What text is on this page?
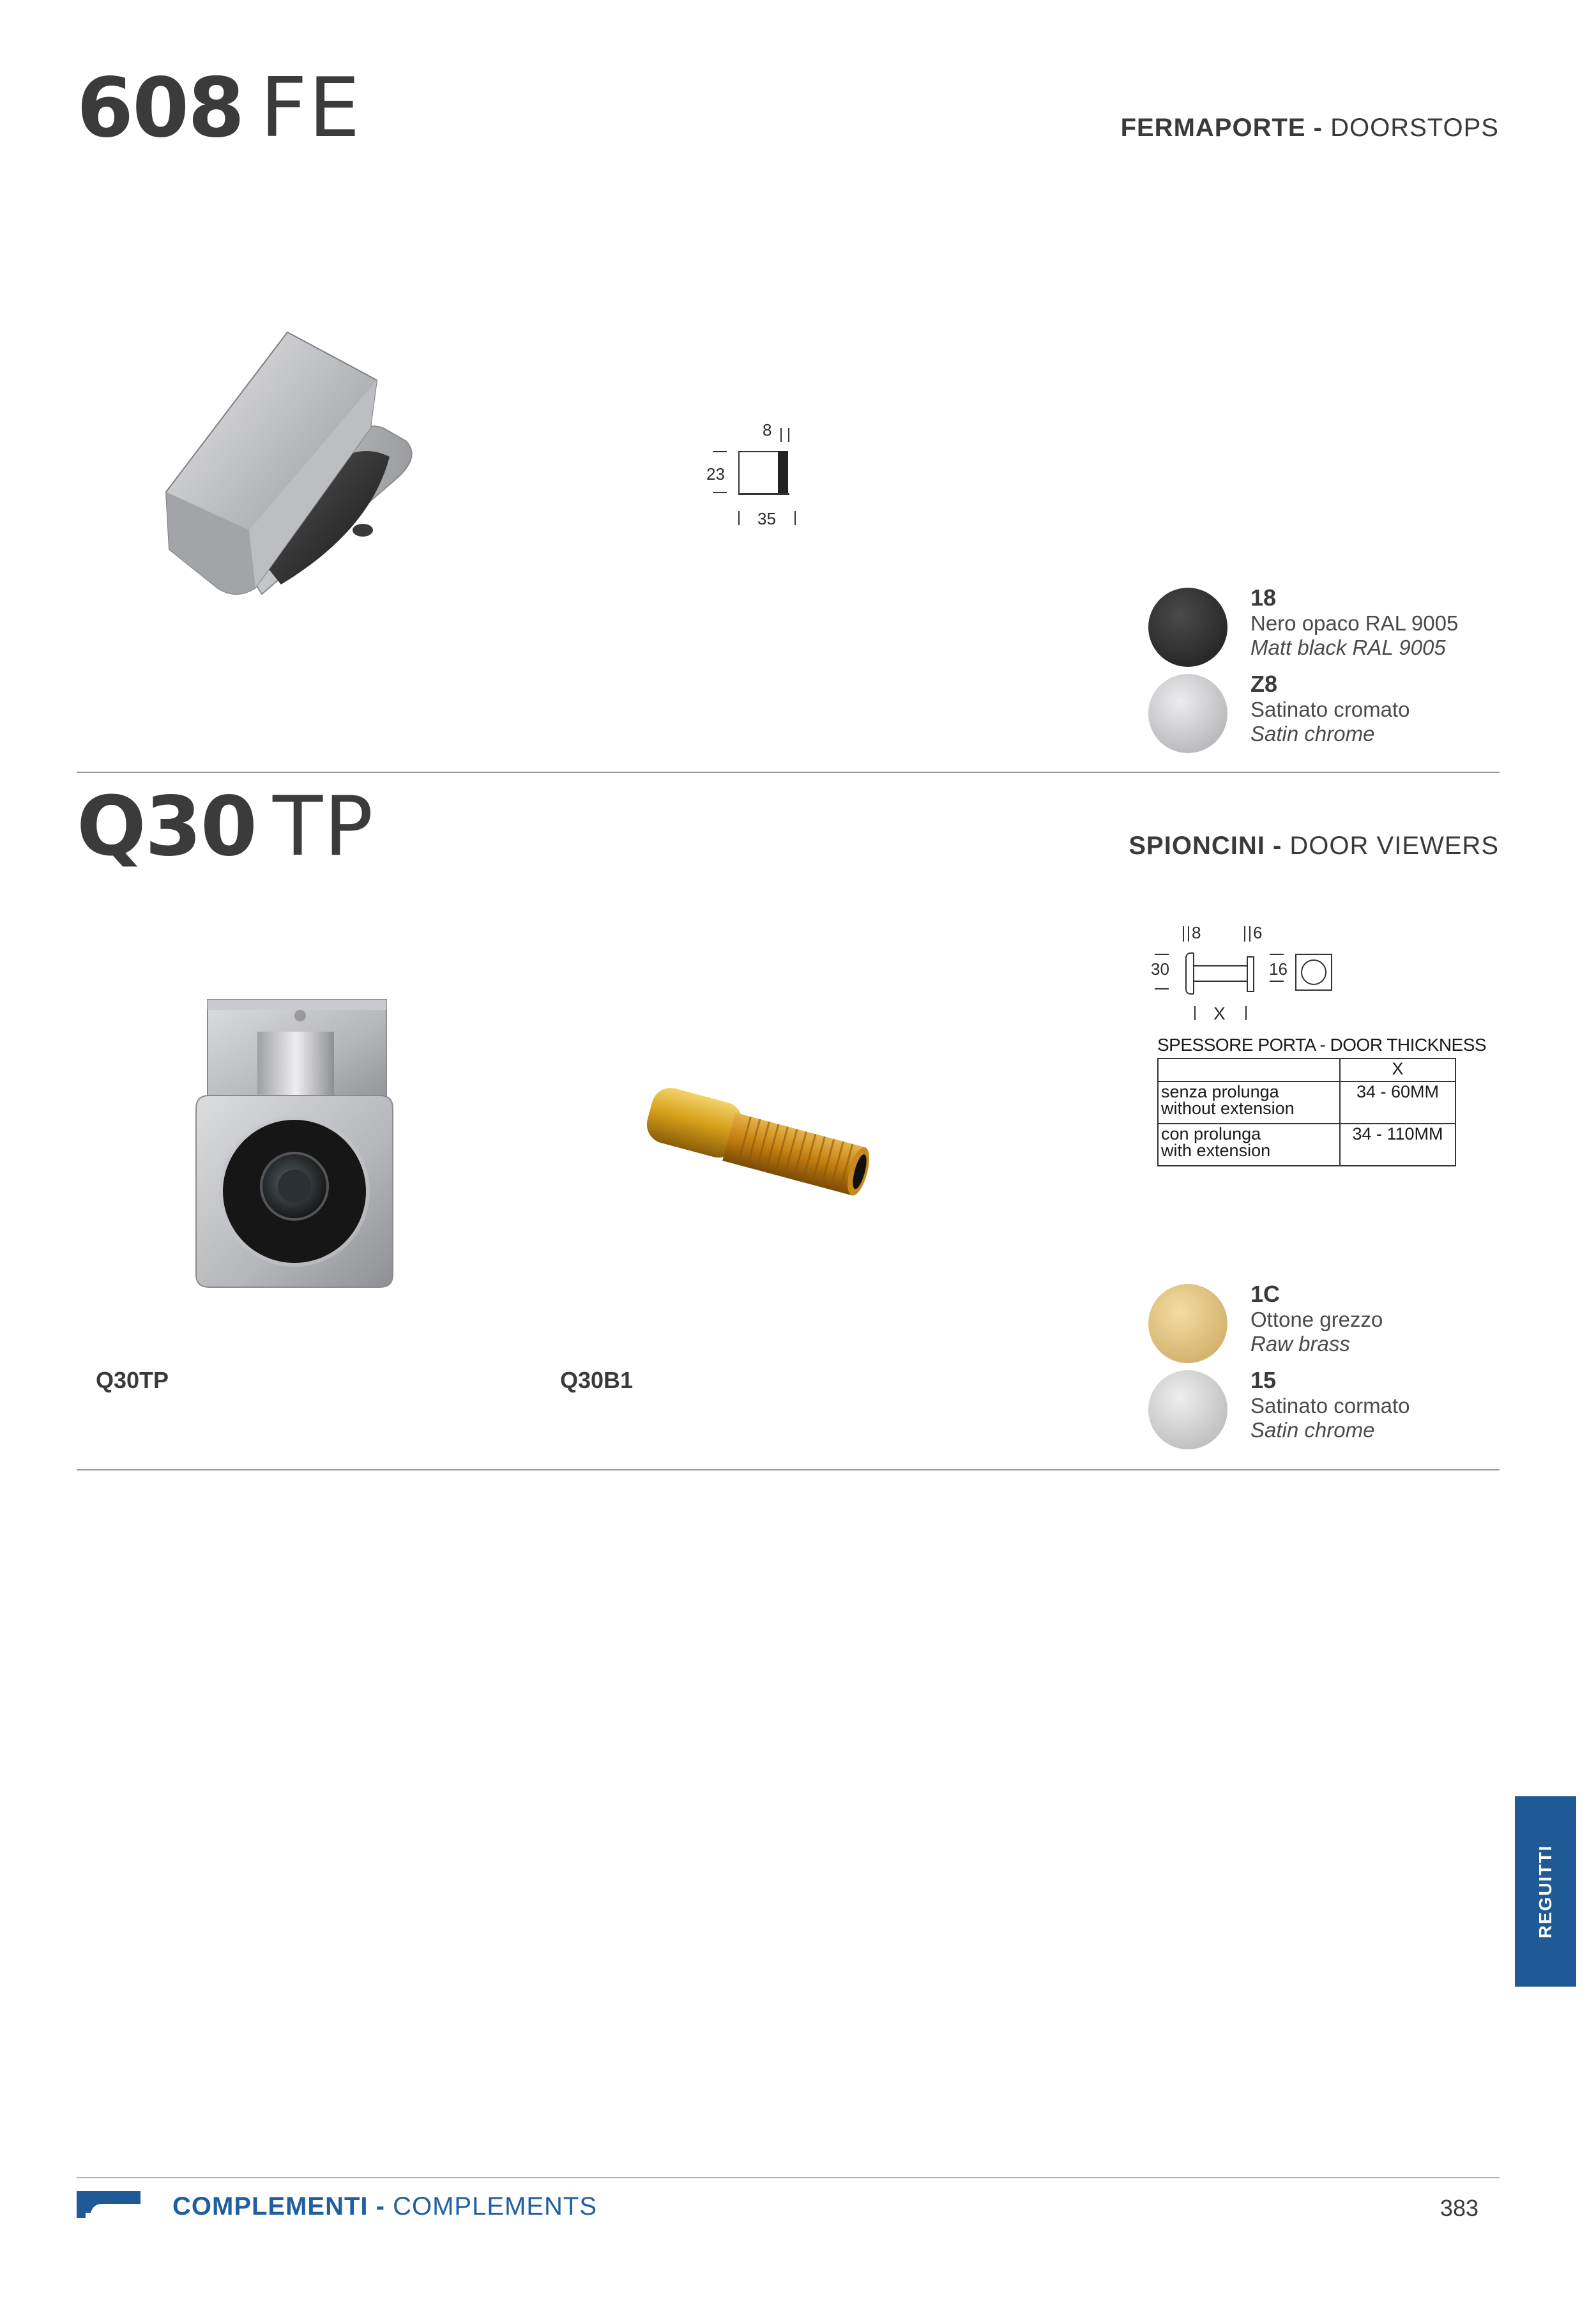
608 FE	FERMAPORTE - DOORSTOPS
8
23
35
18
Nero opaco RAL 9005
Matt black RAL 9005
Z8
Satinato cromato
Satin chrome
Q30 TP	SPIONCINI - DOOR VIEWERS
Q30TP	Q30B1
8	6
30	16
X
SPESSORE PORTA - DOOR THICKNESS
	X

senza prolunga
without extension	34 - 60MM

con prolunga
with extension	34 - 110MM
1C
Ottone grezzo
Raw brass
15
Satinato cormato
Satin chrome
REGUITTI
COMPLEMENTI - COMPLEMENTS	383
